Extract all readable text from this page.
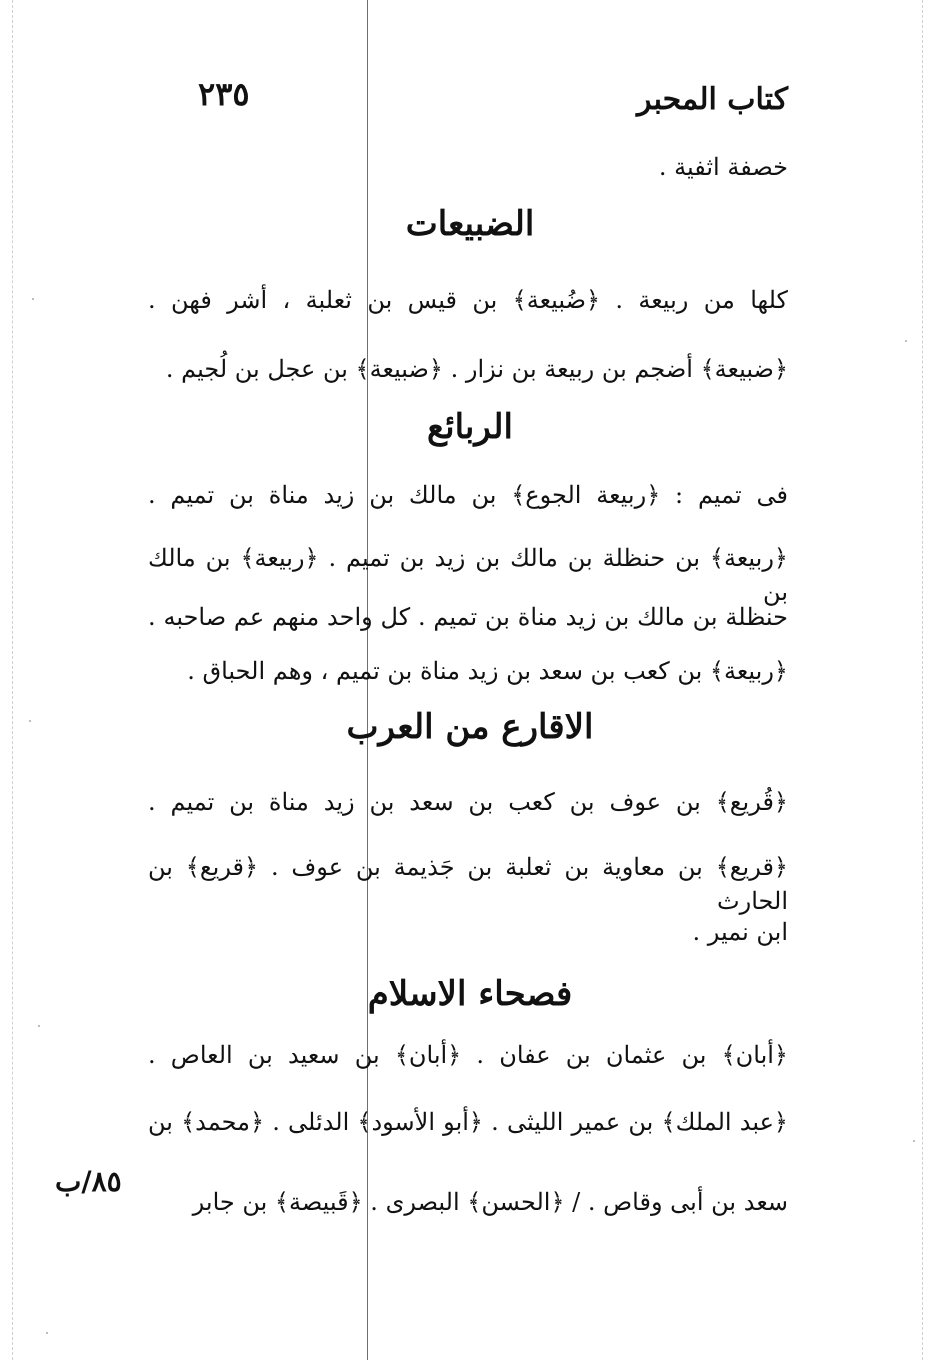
كتاب المحبر
٢٣٥
خصفة اثفية .
الضبيعات
كلها من ربيعة . ﴿ضُبيعة﴾ بن قيس بن ثعلبة ، أشر فهن .
﴿ضبيعة﴾ أضجم بن ربيعة بن نزار . ﴿ضبيعة﴾ بن عجل بن لُجيم .
الربائع
فى تميم : ﴿ربيعة الجوع﴾ بن مالك بن زيد مناة بن تميم .
﴿ربيعة﴾ بن حنظلة بن مالك بن زيد بن تميم . ﴿ربيعة﴾ بن مالك بن
حنظلة بن مالك بن زيد مناة بن تميم . كل واحد منهم عم صاحبه .
﴿ربيعة﴾ بن كعب بن سعد بن زيد مناة بن تميم ، وهم الحباق .
الاقارع من العرب
﴿قُريع﴾ بن عوف بن كعب بن سعد بن زيد مناة بن تميم .
﴿قريع﴾ بن معاوية بن ثعلبة بن جَذيمة بن عوف . ﴿قريع﴾ بن الحارث
ابن نمير .
فصحاء الاسلام
﴿أبان﴾ بن عثمان بن عفان . ﴿أبان﴾ بن سعيد بن العاص .
﴿عبد الملك﴾ بن عمير الليثى . ﴿أبو الأسود﴾ الدئلى . ﴿محمد﴾ بن
سعد بن أبى وقاص . / ﴿الحسن﴾ البصرى . ﴿قَبيصة﴾ بن جابر
٨٥/ب
